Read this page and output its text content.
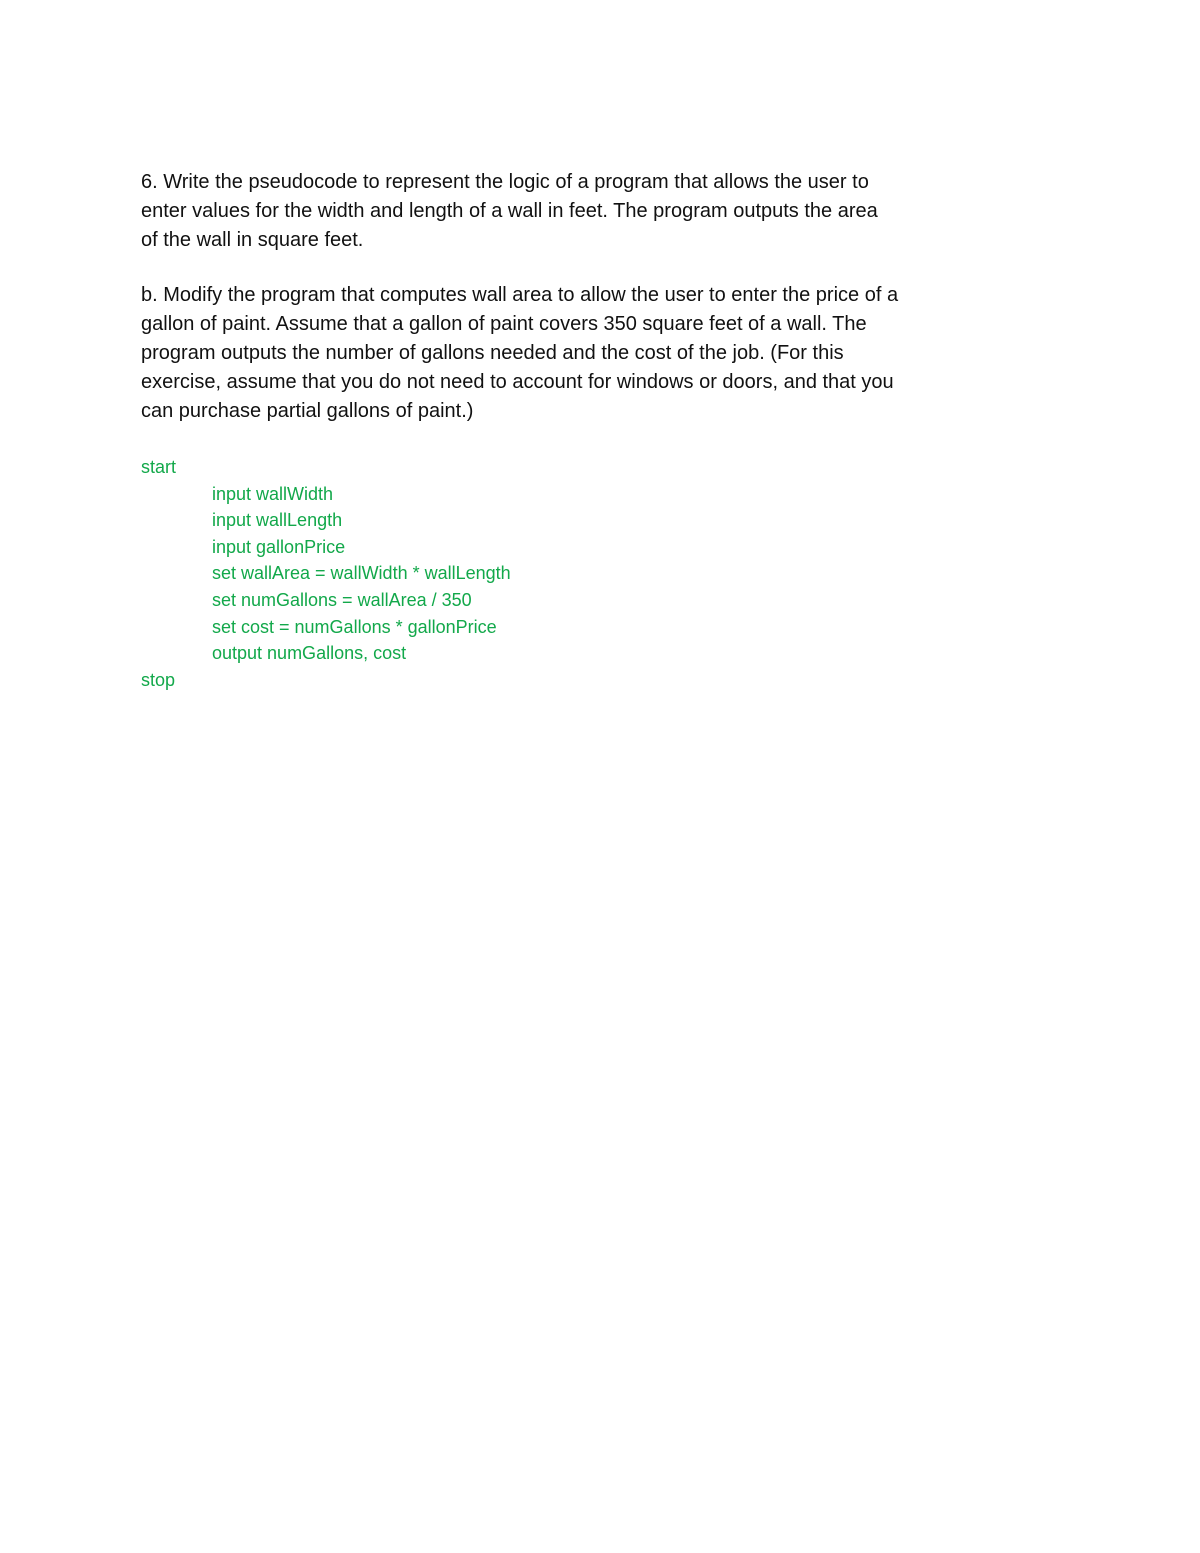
6. Write the pseudocode to represent the logic of a program that allows the user to
enter values for the width and length of a wall in feet. The program outputs the area
of the wall in square feet.

b. Modify the program that computes wall area to allow the user to enter the price of a
gallon of paint. Assume that a gallon of paint covers 350 square feet of a wall. The
program outputs the number of gallons needed and the cost of the job. (For this
exercise, assume that you do not need to account for windows or doors, and that you
can purchase partial gallons of paint.)

start
input wallWidth
input wallLength
input gallonPrice
set wallArea = wallWidth * wallLength
set numGallons = wallArea / 350
set cost = numGallons * gallonPrice
output numGallons, cost
stop
